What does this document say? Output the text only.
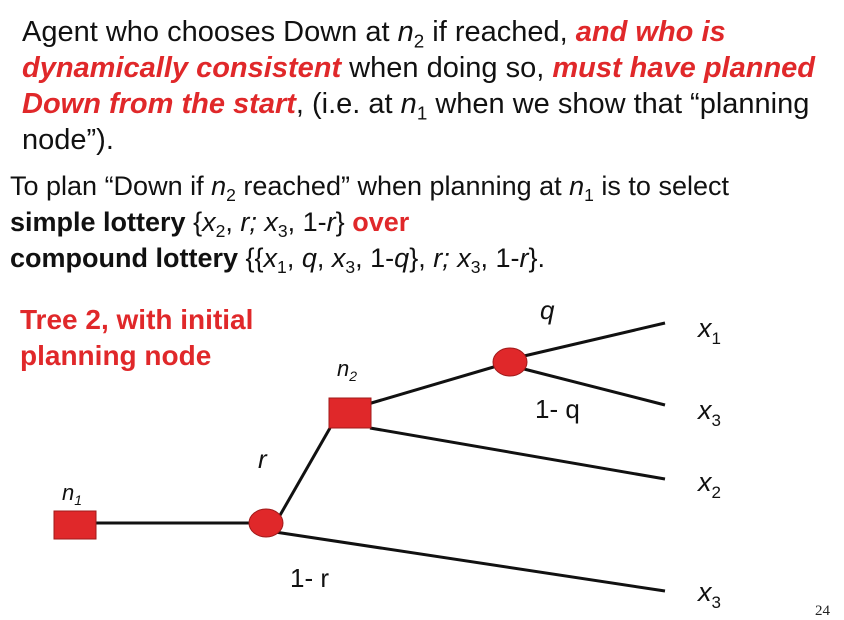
Agent who chooses Down at $n_2$ if reached, and who is dynamically consistent when doing so, must have planned Down from the start, (i.e. at $n_1$ when we show that “planning node”).
To plan “Down if $n_2$ reached” when planning at $n_1$ is to select
simple lottery {$x_2$, r; $x_3$, 1-r} over
compound lottery {{$x_1$, q, $x_3$, 1-q}, r; $x_3$, 1-r}.
Tree 2, with initial
planning node
$n_1$
$n_2$
r
1- r
q
1- q
$x_1$
$x_3$
$x_2$
$x_3$	24
